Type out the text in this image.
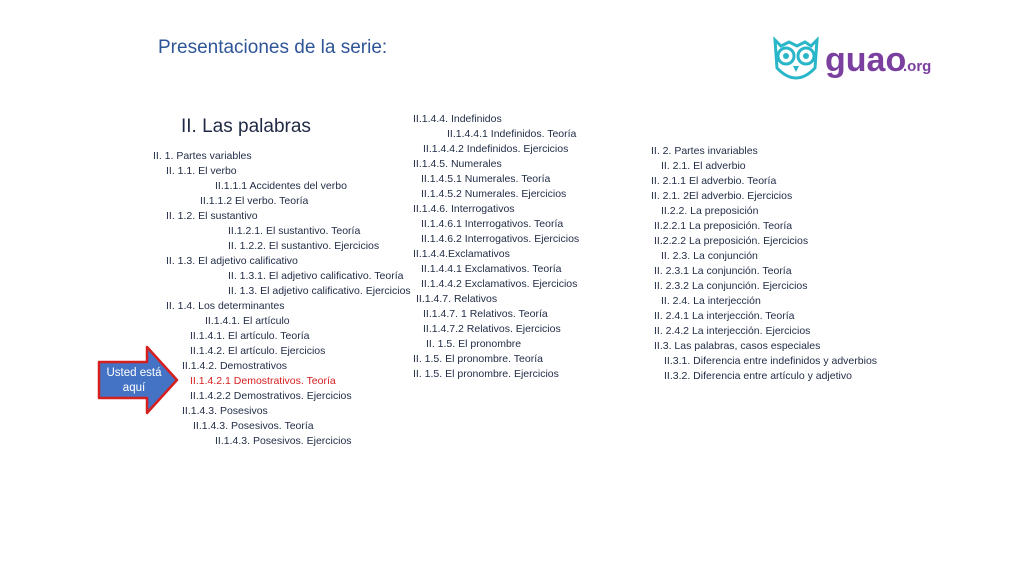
Presentaciones de la serie:	guao
.org
II. Las palabras
II. 1. Partes variables
II. 1.1. El verbo
II.1.1.1 Accidentes del verbo
II.1.1.2 El verbo. Teoría
II. 1.2. El sustantivo
II.1.2.1. El sustantivo. Teoría
II. 1.2.2. El sustantivo. Ejercicios
II. 1.3. El adjetivo calificativo
II. 1.3.1. El adjetivo calificativo. Teoría
II. 1.3. El adjetivo calificativo. Ejercicios
II. 1.4. Los determinantes
II.1.4.1. El artículo
II.1.4.1. El artículo. Teoría
II.1.4.2. El artículo. Ejercicios
II.1.4.2. Demostrativos
II.1.4.2.1 Demostrativos. Teoría
II.1.4.2.2 Demostrativos. Ejercicios
II.1.4.3. Posesivos
II.1.4.3. Posesivos. Teoría
II.1.4.3. Posesivos. Ejercicios
II.1.4.4. Indefinidos
II.1.4.4.1 Indefinidos. Teoría
II.1.4.4.2 Indefinidos. Ejercicios
II.1.4.5. Numerales
II.1.4.5.1 Numerales. Teoría
II.1.4.5.2 Numerales. Ejercicios
II.1.4.6. Interrogativos
II.1.4.6.1 Interrogativos. Teoría
II.1.4.6.2 Interrogativos. Ejercicios
II.1.4.4.Exclamativos
II.1.4.4.1 Exclamativos. Teoría
II.1.4.4.2 Exclamativos. Ejercicios
II.1.4.7. Relativos
II.1.4.7. 1 Relativos. Teoría
II.1.4.7.2 Relativos. Ejercicios
II. 1.5. El pronombre
II. 1.5. El pronombre. Teoría
II. 1.5. El pronombre. Ejercicios
II. 2. Partes invariables
II. 2.1. El adverbio
II. 2.1.1 El adverbio. Teoría
II. 2.1. 2El adverbio. Ejercicios
II.2.2. La preposición
II.2.2.1 La preposición. Teoría
II.2.2.2 La preposición. Ejercicios
II. 2.3. La conjunción
II. 2.3.1 La conjunción. Teoría
II. 2.3.2 La conjunción. Ejercicios
II. 2.4. La interjección
II. 2.4.1 La interjección. Teoría
II. 2.4.2 La interjección. Ejercicios
II.3. Las palabras, casos especiales
II.3.1. Diferencia entre indefinidos y adverbios
II.3.2. Diferencia entre artículo y adjetivo
Usted está aquí
